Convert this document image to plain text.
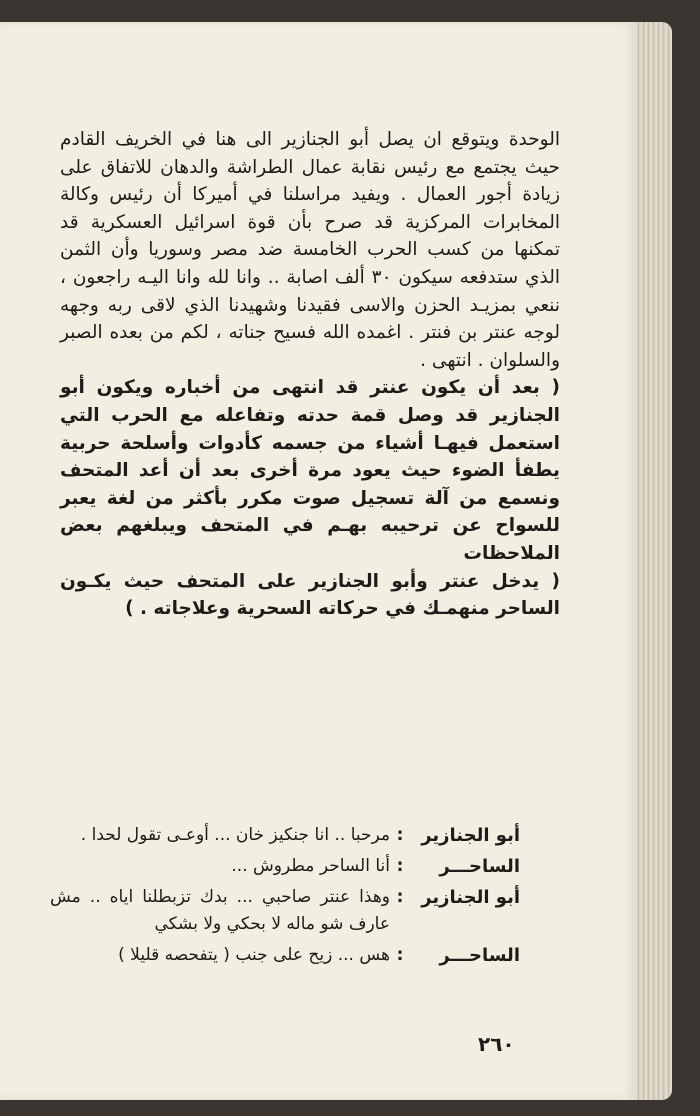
الوحدة ويتوقع ان يصل أبو الجنازير الى هنا في الخريف القادم حيث يجتمع مع رئيس نقابة عمال الطراشة والدهان للاتفاق على زيادة أجور العمال . ويفيد مراسلنا في أميركا أن رئيس وكالة المخابرات المركزية قد صرح بأن قوة اسرائيل العسكرية قد تمكنها من كسب الحرب الخامسة ضد مصر وسوريا وأن الثمن الذي ستدفعه سيكون ٣٠ ألف اصابة .. وانا لله وانا اليـه راجعون ، ننعي بمزيـد الحزن والاسى فقيدنا وشهيدنا الذي لاقى ربه وجهه لوجه عنتر بن فنتر . اغمده الله فسيح جناته ، لكم من بعده الصبر والسلوان . انتهى .

( بعد أن يكون عنتر قد انتهى من أخباره ويكون أبو الجنازير قد وصل قمة حدته وتفاعله مع الحرب التي استعمل فيهـا أشياء من جسمه كأدوات وأسلحة حربية يطفأ الضوء حيث يعود مرة أخرى بعد أن أعد المتحف ونسمع من آلة تسجيل صوت مكرر بأكثر من لغة يعبر للسواح عن ترحيبه بهـم في المتحف ويبلغهم بعض الملاحظات

( يدخل عنتر وأبو الجنازير على المتحف حيث يكـون الساحر منهمـك في حركاته السحرية وعلاجاته . )

أبو الجنازير
:
مرحبا .. انا جنكيز خان ... أوعـى تقول لحدا .
الساحـــر
:
أنا الساحر مطروش ...
أبو الجنازير
:
وهذا عنتر صاحبي ... بدك تزبطلنا اياه .. مش عارف شو ماله لا بحكي ولا بشكي
الساحـــر
:
هس ... زيح على جنب ( يتفحصه قليلا )
٢٦٠
